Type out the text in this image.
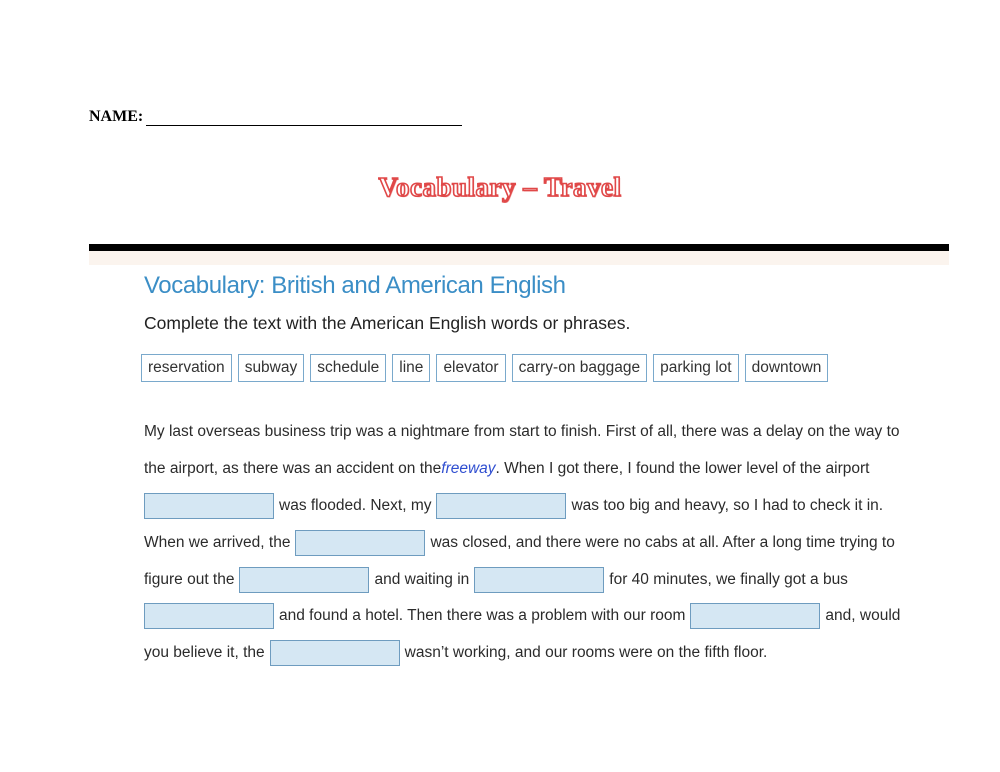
NAME:
Vocabulary – Travel
Vocabulary: British and American English
Complete the text with the American English words or phrases.
reservation	subway	schedule	line	elevator	carry-on baggage	parking lot	downtown
My last overseas business trip was a nightmare from start to finish. First of all, there was a delay on the way to
the airport, as there was an accident on the freeway . When I got there, I found the lower level of the airport
was flooded. Next, my	was too big and heavy, so I had to check it in.
When we arrived, the	was closed, and there were no cabs at all. After a long time trying to
figure out the	and waiting in	for 40 minutes, we finally got a bus
and found a hotel. Then there was a problem with our room	and, would
you believe it, the	wasn’t working, and our rooms were on the fifth floor.
